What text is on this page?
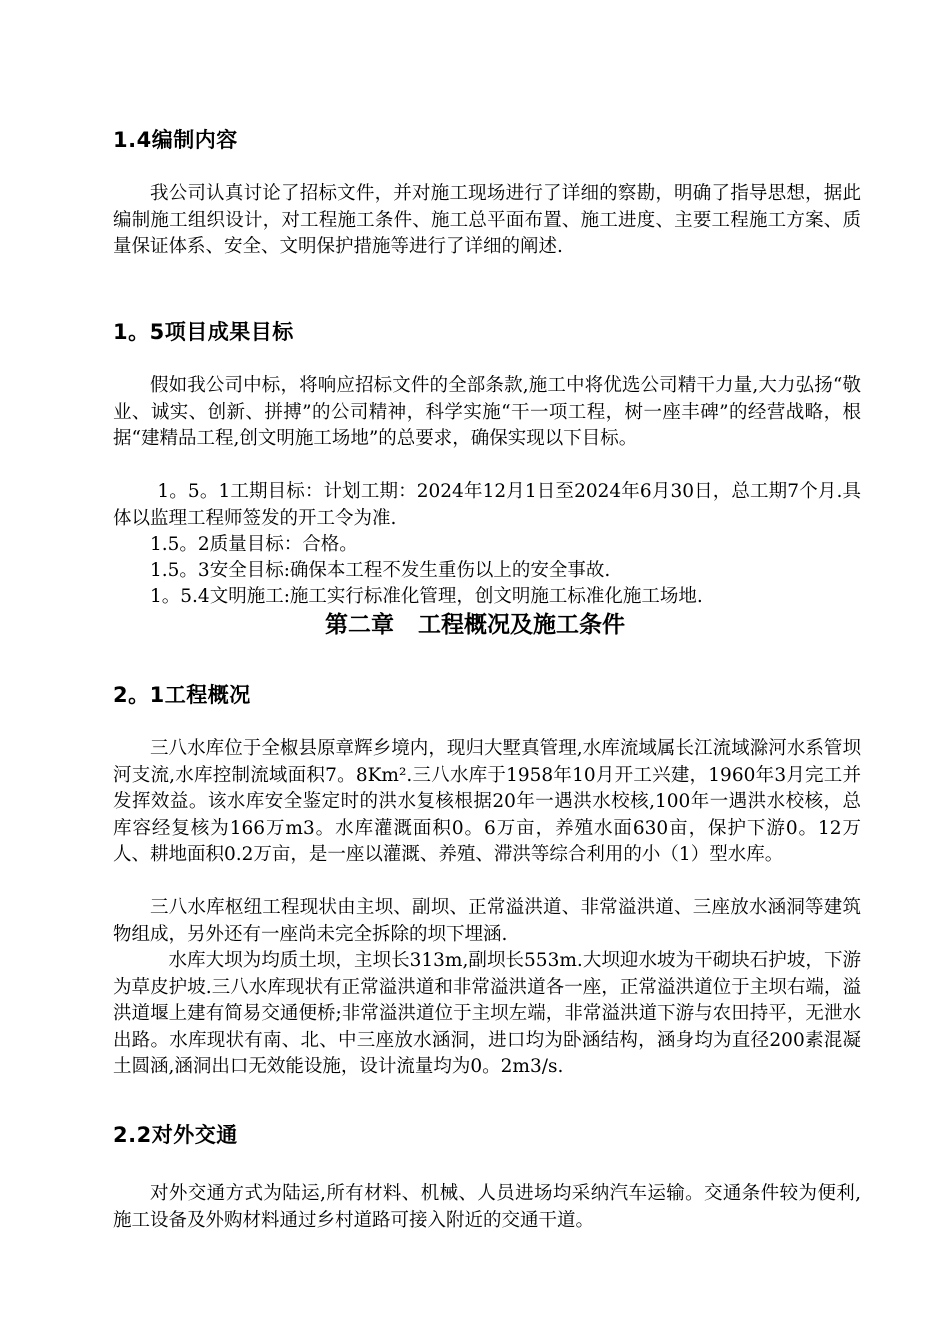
1.4编制内容

我公司认真讨论了招标文件，并对施工现场进行了详细的察勘，明确了指导思想，据此编制施工组织设计，对工程施工条件、施工总平面布置、施工进度、主要工程施工方案、质量保证体系、安全、文明保护措施等进行了详细的阐述.

1。5项目成果目标

假如我公司中标，将响应招标文件的全部条款,施工中将优选公司精干力量,大力弘扬“敬业、诚实、创新、拼搏”的公司精神，科学实施“干一项工程，树一座丰碑”的经营战略，根据“建精品工程,创文明施工场地”的总要求，确保实现以下目标。

1。5。1工期目标：计划工期：2024年12月1日至2024年6月30日，总工期7个月.具体以监理工程师签发的开工令为准.

1.5。2质量目标：合格。

1.5。3安全目标:确保本工程不发生重伤以上的安全事故.

1。5.4文明施工:施工实行标准化管理，创文明施工标准化施工场地.

第二章   工程概况及施工条件
2。1工程概况

三八水库位于全椒县原章辉乡境内，现归大墅真管理,水库流域属长江流域滁河水系管坝河支流,水库控制流域面积7。8Km².三八水库于1958年10月开工兴建，1960年3月完工并发挥效益。该水库安全鉴定时的洪水复核根据20年一遇洪水校核,100年一遇洪水校核，总库容经复核为166万m3。水库灌溉面积0。6万亩，养殖水面630亩，保护下游0。12万人、耕地面积0.2万亩，是一座以灌溉、养殖、滞洪等综合利用的小（1）型水库。

三八水库枢纽工程现状由主坝、副坝、正常溢洪道、非常溢洪道、三座放水涵洞等建筑物组成，另外还有一座尚未完全拆除的坝下埋涵.

水库大坝为均质土坝，主坝长313m,副坝长553m.大坝迎水坡为干砌块石护坡，下游为草皮护坡.三八水库现状有正常溢洪道和非常溢洪道各一座，正常溢洪道位于主坝右端，溢洪道堰上建有简易交通便桥;非常溢洪道位于主坝左端，非常溢洪道下游与农田持平，无泄水出路。水库现状有南、北、中三座放水涵洞，进口均为卧涵结构，涵身均为直径200素混凝土圆涵,涵洞出口无效能设施，设计流量均为0。2m3/s.

2.2对外交通

对外交通方式为陆运,所有材料、机械、人员进场均采纳汽车运输。交通条件较为便利,施工设备及外购材料通过乡村道路可接入附近的交通干道。
